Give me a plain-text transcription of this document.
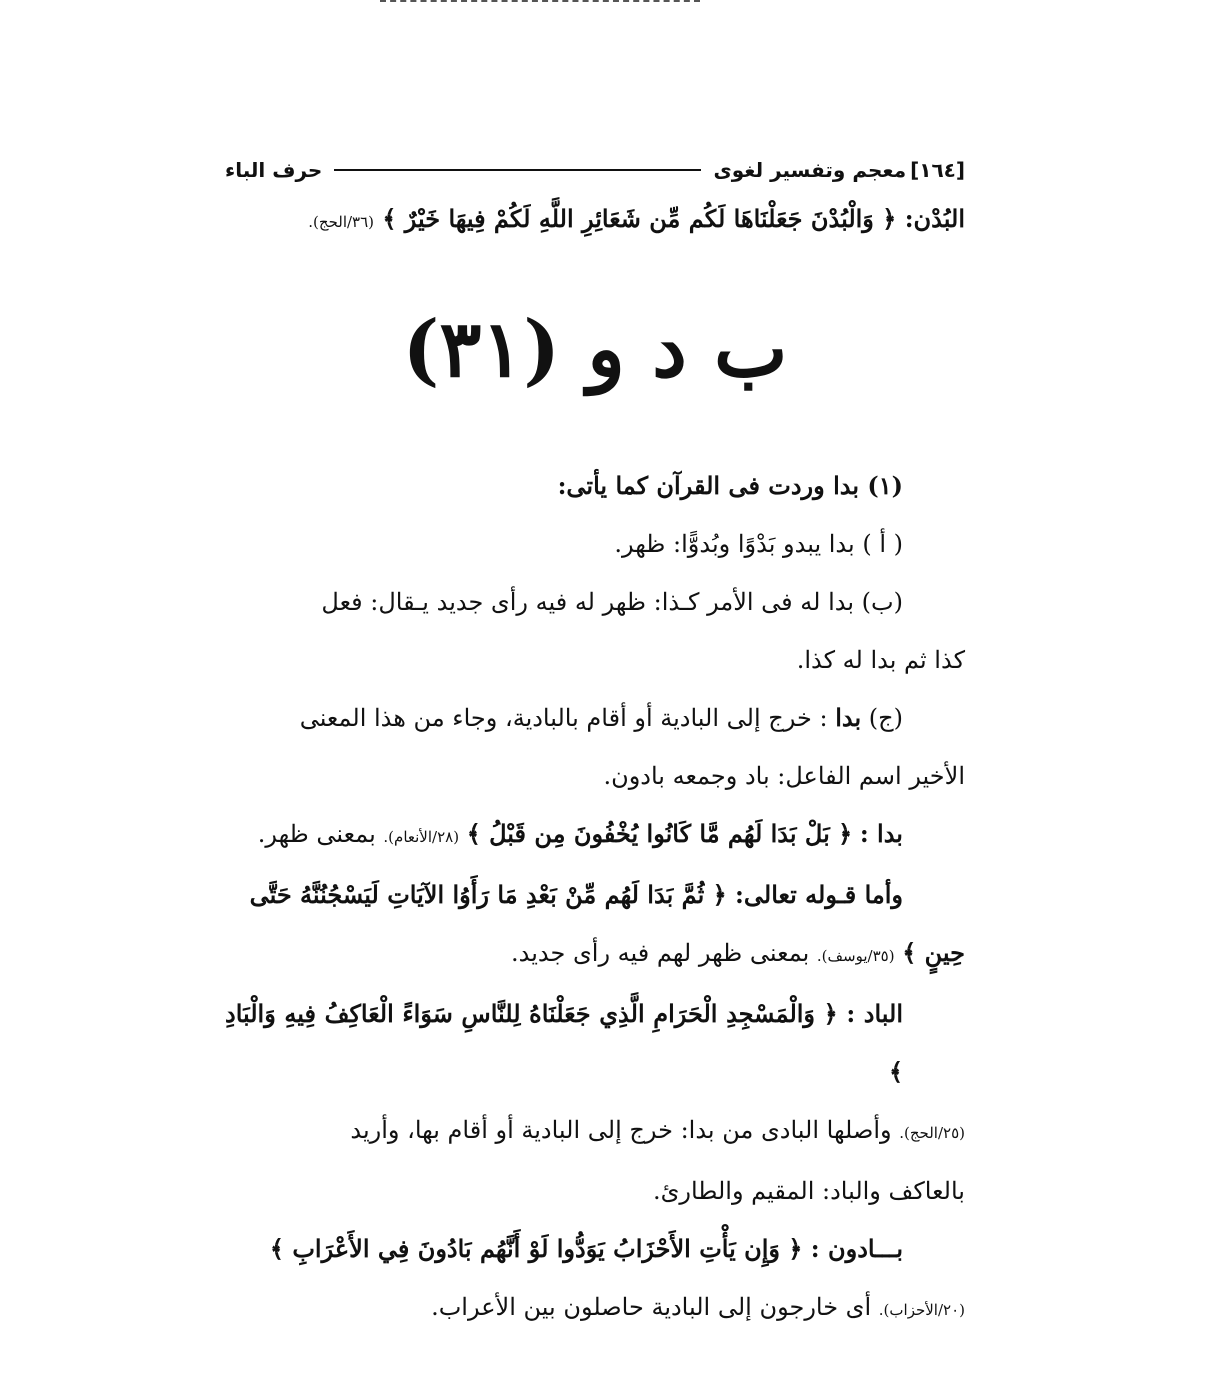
[١٦٤]
معجم وتفسير لغوى
حرف الباء
البُدْن: ﴿ وَالْبُدْنَ جَعَلْنَاهَا لَكُم مِّن شَعَائِرِ اللَّهِ لَكُمْ فِيهَا خَيْرٌ ﴾ (٣٦/الحج).
ب د و (٣١)
(١) بدا وردت فى القرآن كما يأتى:
( أ ) بدا يبدو بَدْوًا وبُدوًّا: ظهر.
(ب) بدا له فى الأمر كـذا: ظهر له فيه رأى جديد يـقال: فعل
كذا ثم بدا له كذا.
(ج) بدا : خرج إلى البادية أو أقام بالبادية، وجاء من هذا المعنى
الأخير اسم الفاعل: باد وجمعه بادون.
بدا : ﴿ بَلْ بَدَا لَهُم مَّا كَانُوا يُخْفُونَ مِن قَبْلُ ﴾ (٢٨/الأنعام). بمعنى ظهر.
وأما قـوله تعالى: ﴿ ثُمَّ بَدَا لَهُم مِّنْ بَعْدِ مَا رَأَوُا الآيَاتِ لَيَسْجُنُنَّهُ حَتَّى
حِينٍ ﴾ (٣٥/يوسف). بمعنى ظهر لهم فيه رأى جديد.
الباد : ﴿ وَالْمَسْجِدِ الْحَرَامِ الَّذِي جَعَلْنَاهُ لِلنَّاسِ سَوَاءً الْعَاكِفُ فِيهِ وَالْبَادِ ﴾
(٢٥/الحج). وأصلها البادى من بدا: خرج إلى البادية أو أقام بها، وأريد
بالعاكف والباد: المقيم والطارئ.
بـــادون : ﴿ وَإِن يَأْتِ الأَحْزَابُ يَوَدُّوا لَوْ أَنَّهُم بَادُونَ فِي الأَعْرَابِ ﴾
(٢٠/الأحزاب). أى خارجون إلى البادية حاصلون بين الأعراب.
